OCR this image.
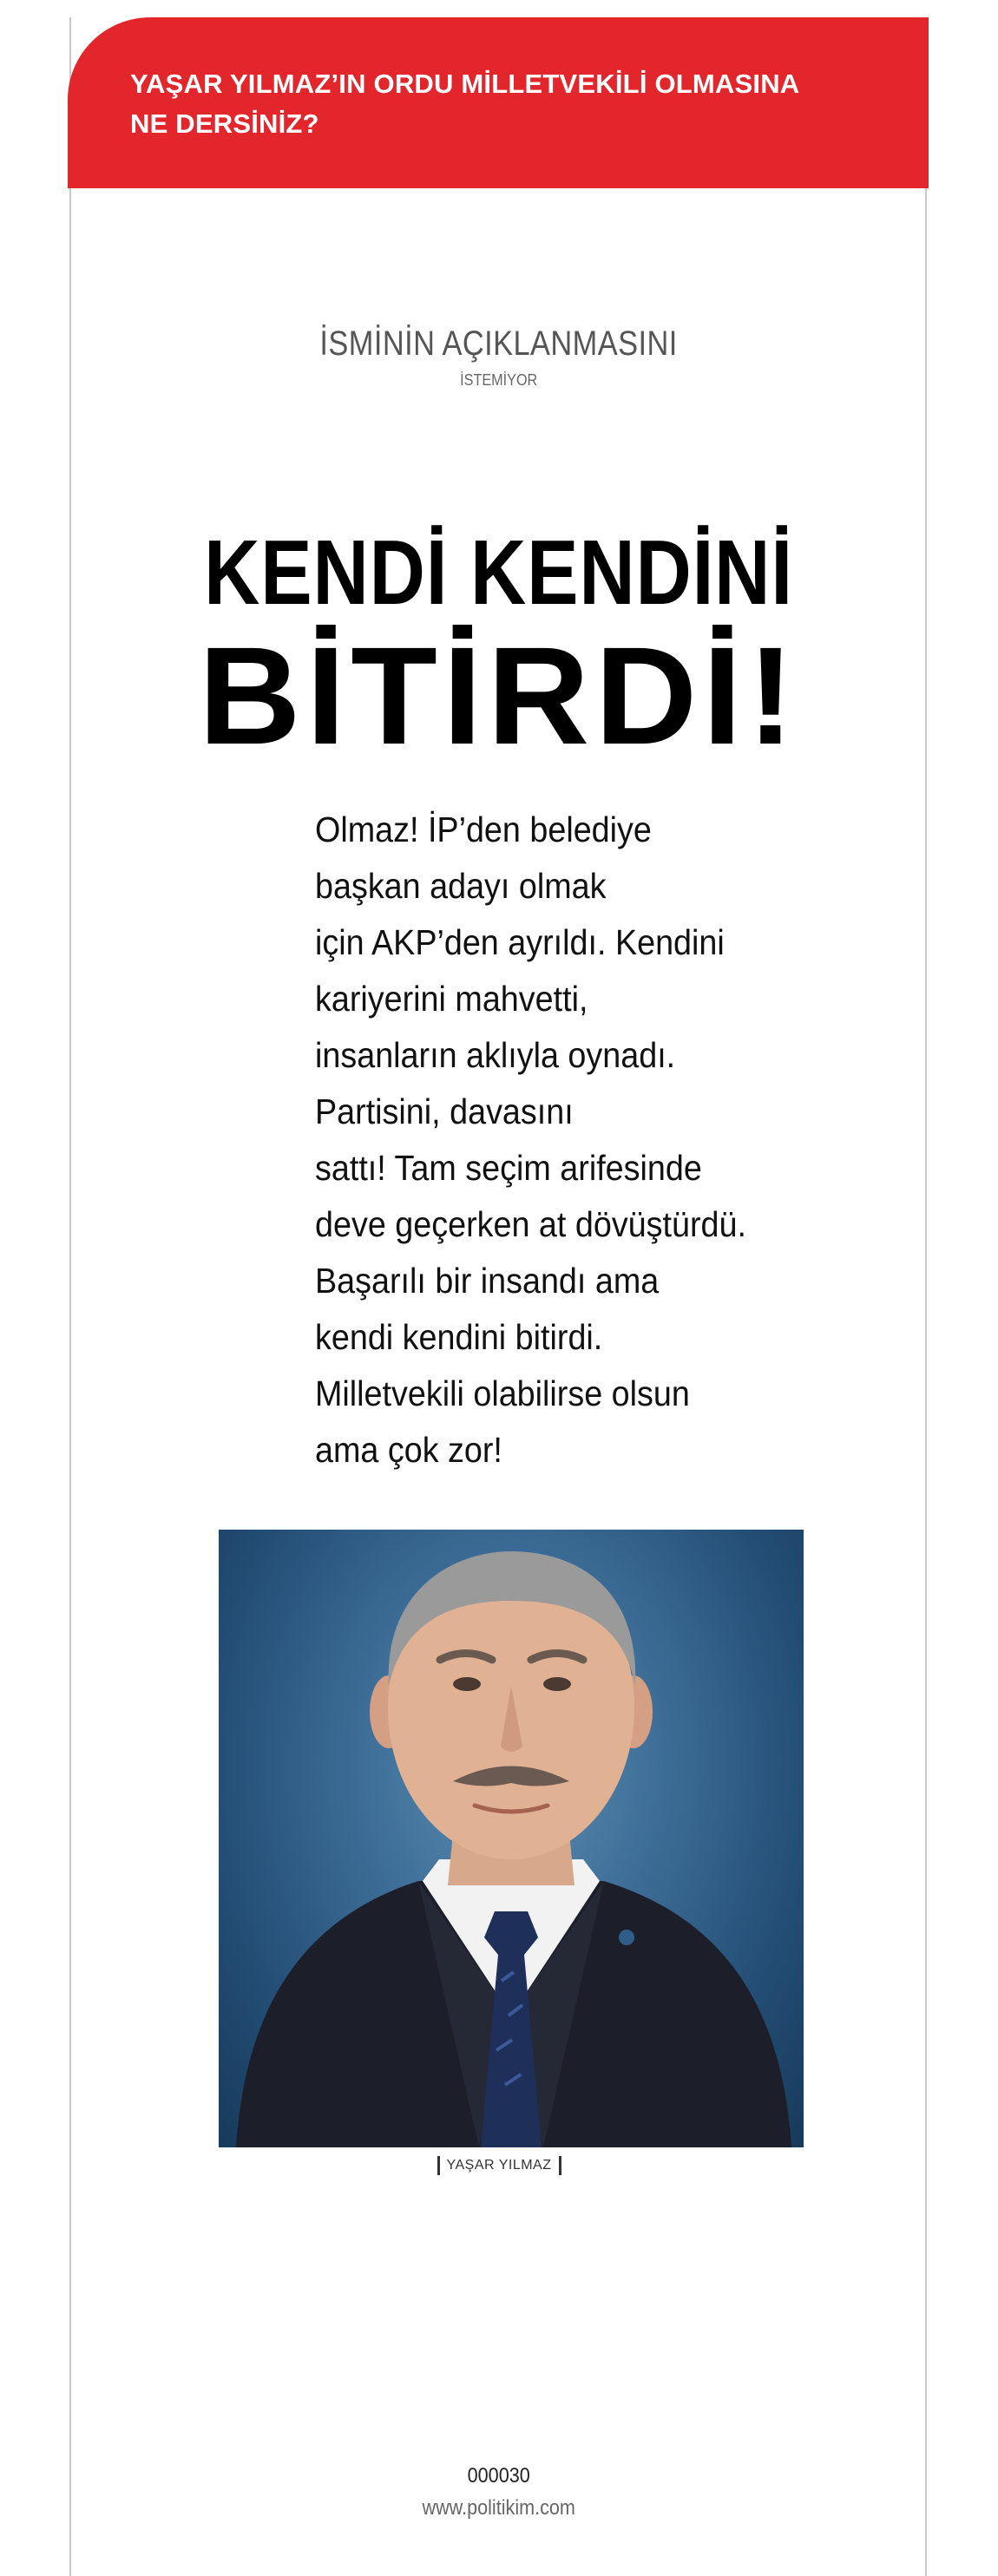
YAŞAR YILMAZ’IN ORDU MİLLETVEKİLİ OLMASINA
NE DERSİNİZ?
İSMİNİN AÇIKLANMASINI
İSTEMİYOR
KENDİ KENDİNİ
BİTİRDİ!
Olmaz! İP’den belediye
başkan adayı olmak
için AKP’den ayrıldı. Kendini
kariyerini mahvetti,
insanların aklıyla oynadı.
Partisini, davasını
sattı! Tam seçim arifesinde
deve geçerken at dövüştürdü.
Başarılı bir insandı ama
kendi kendini bitirdi.
Milletvekili olabilirse olsun
ama çok zor!
YAŞAR YILMAZ
000030
www.politikim.com
